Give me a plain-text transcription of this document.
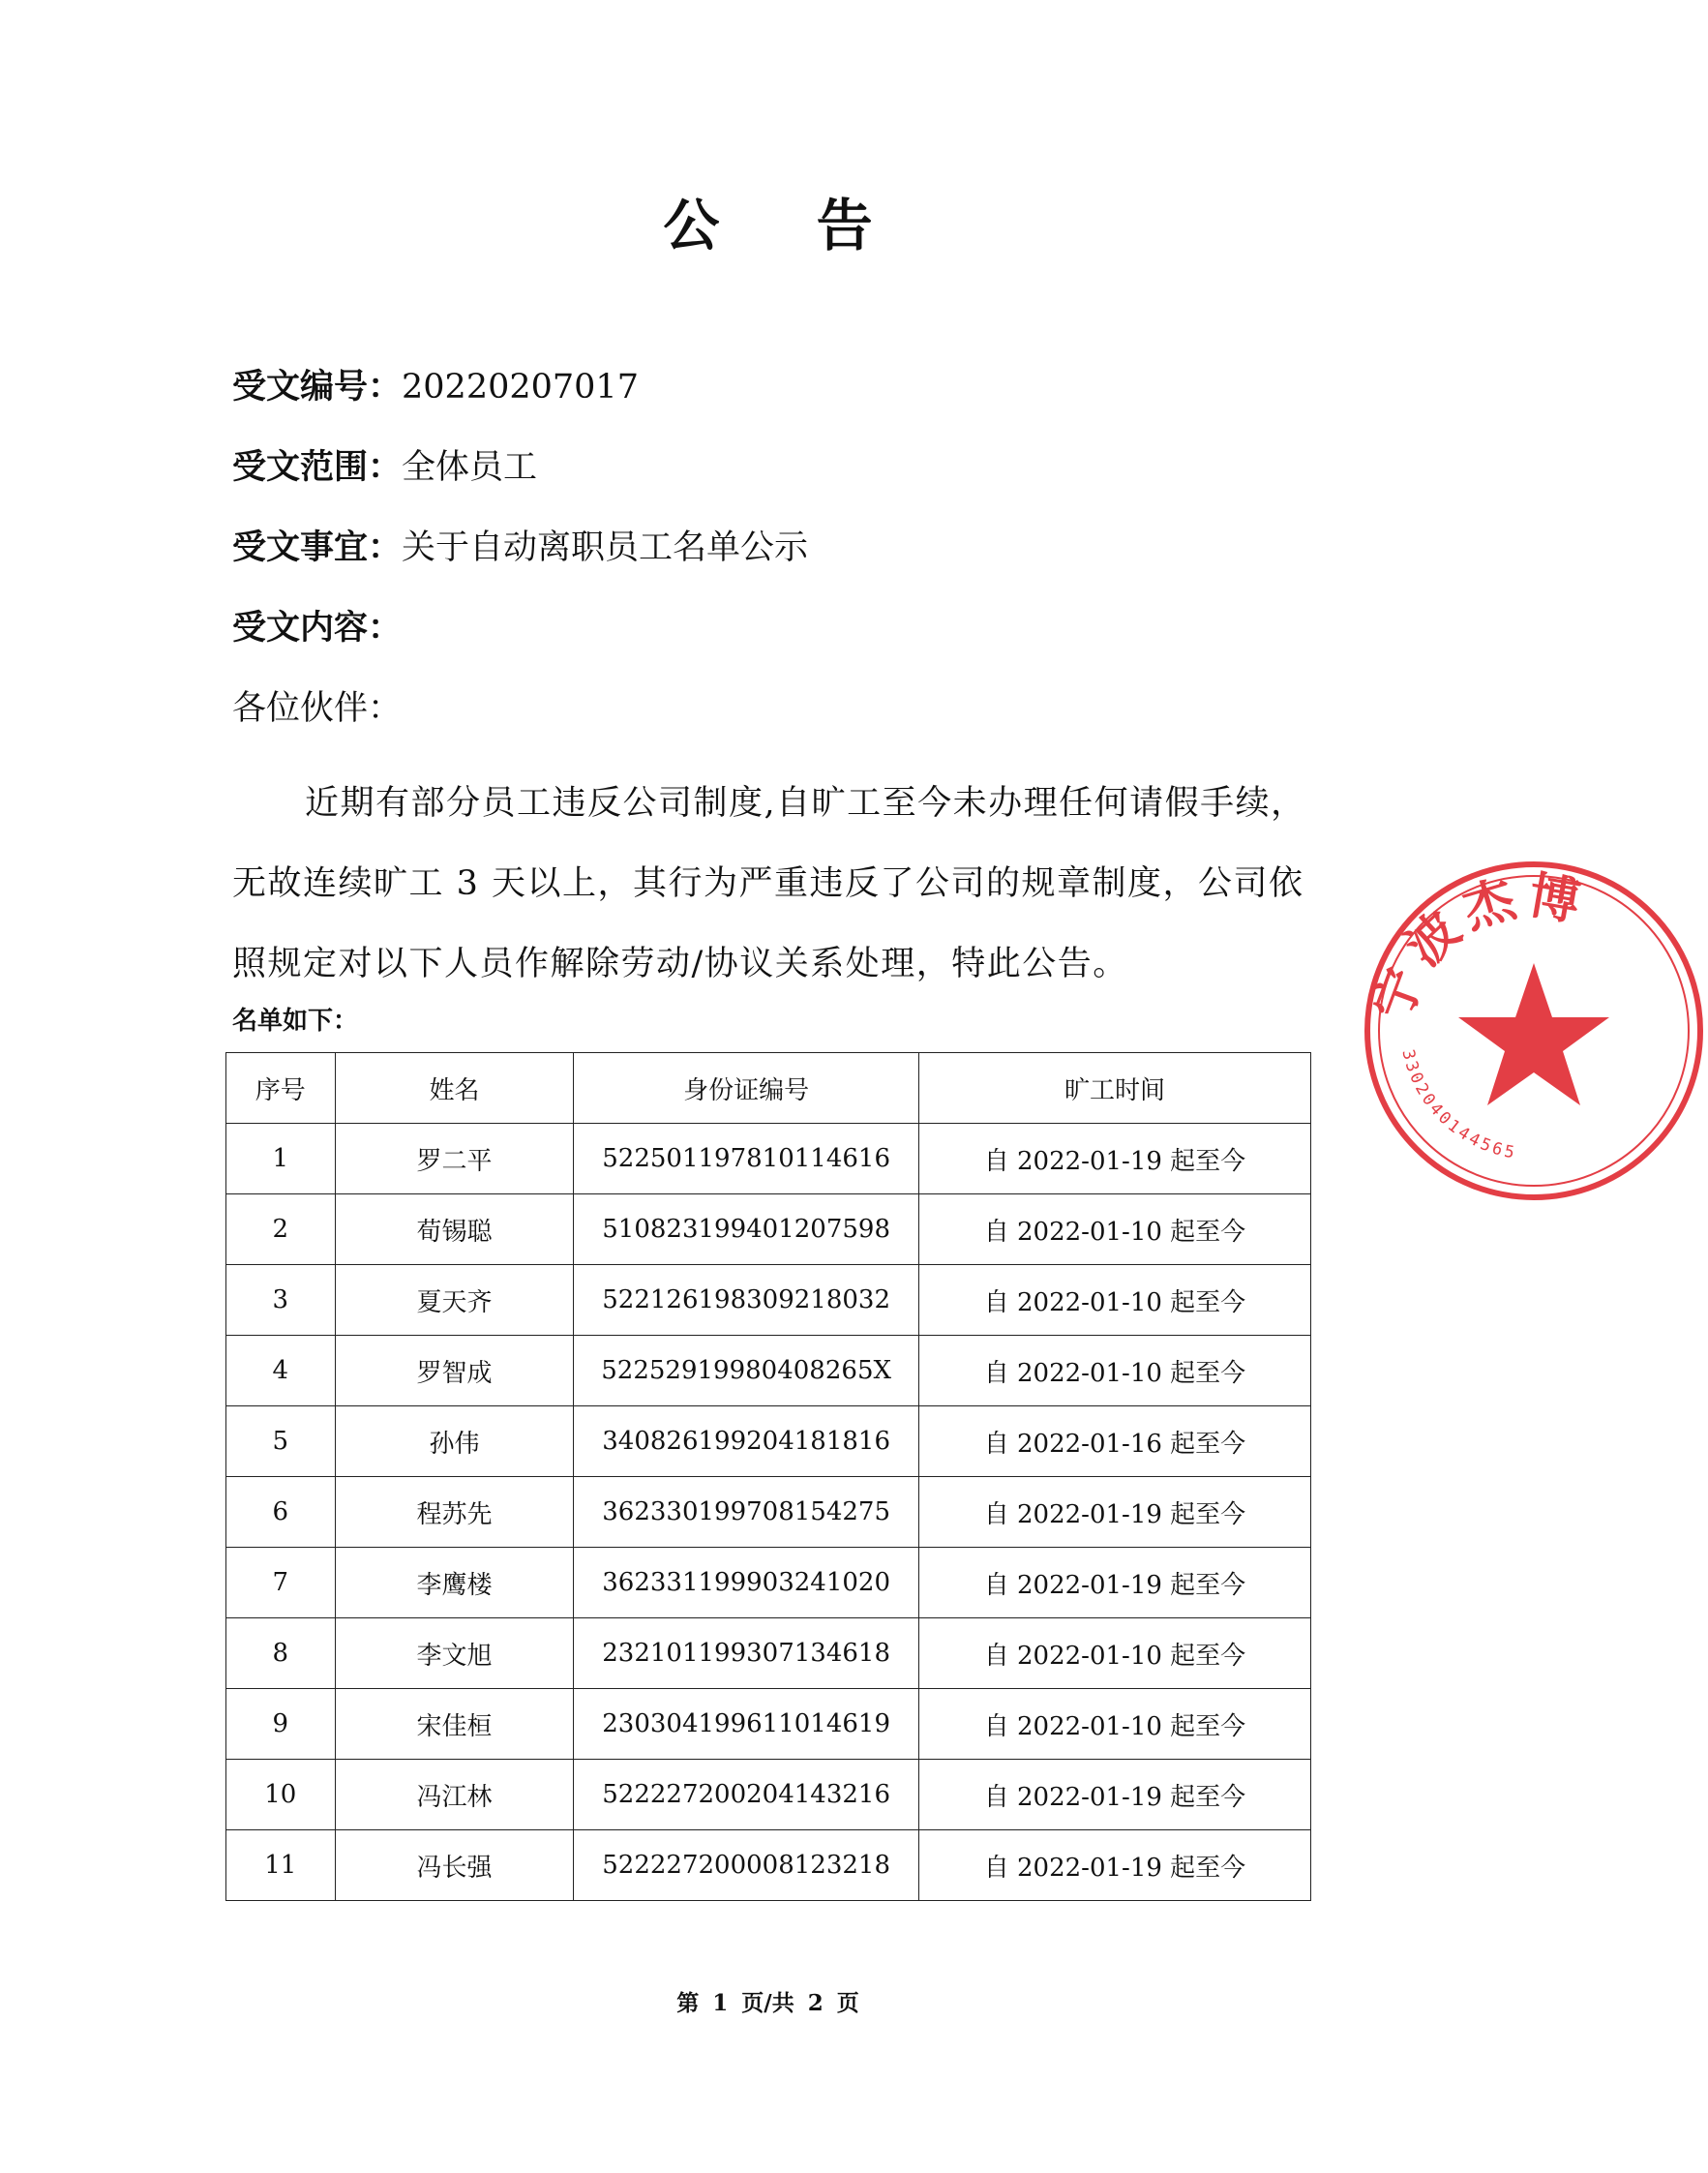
公 告
受文编号：20220207017
受文范围：全体员工
受文事宜：关于自动离职员工名单公示
受文内容：
各位伙伴：
近期有部分员工违反公司制度,自旷工至今未办理任何请假手续，无故连续旷工 3 天以上，其行为严重违反了公司的规章制度，公司依照规定对以下人员作解除劳动/协议关系处理，特此公告。
名单如下：
序号	姓名	身份证编号	旷工时间
1	罗二平	522501197810114616	自 2022-01-19 起至今
2	荀锡聪	510823199401207598	自 2022-01-10 起至今
3	夏天齐	522126198309218032	自 2022-01-10 起至今
4	罗智成	52252919980408265X	自 2022-01-10 起至今
5	孙伟	340826199204181816	自 2022-01-16 起至今
6	程苏先	362330199708154275	自 2022-01-19 起至今
7	李鹰楼	362331199903241020	自 2022-01-19 起至今
8	李文旭	232101199307134618	自 2022-01-10 起至今
9	宋佳桓	230304199611014619	自 2022-01-10 起至今
10	冯江林	522227200204143216	自 2022-01-19 起至今
11	冯长强	522227200008123218	自 2022-01-19 起至今
第 1 页/共 2 页
宁波杰博
3302040144565
